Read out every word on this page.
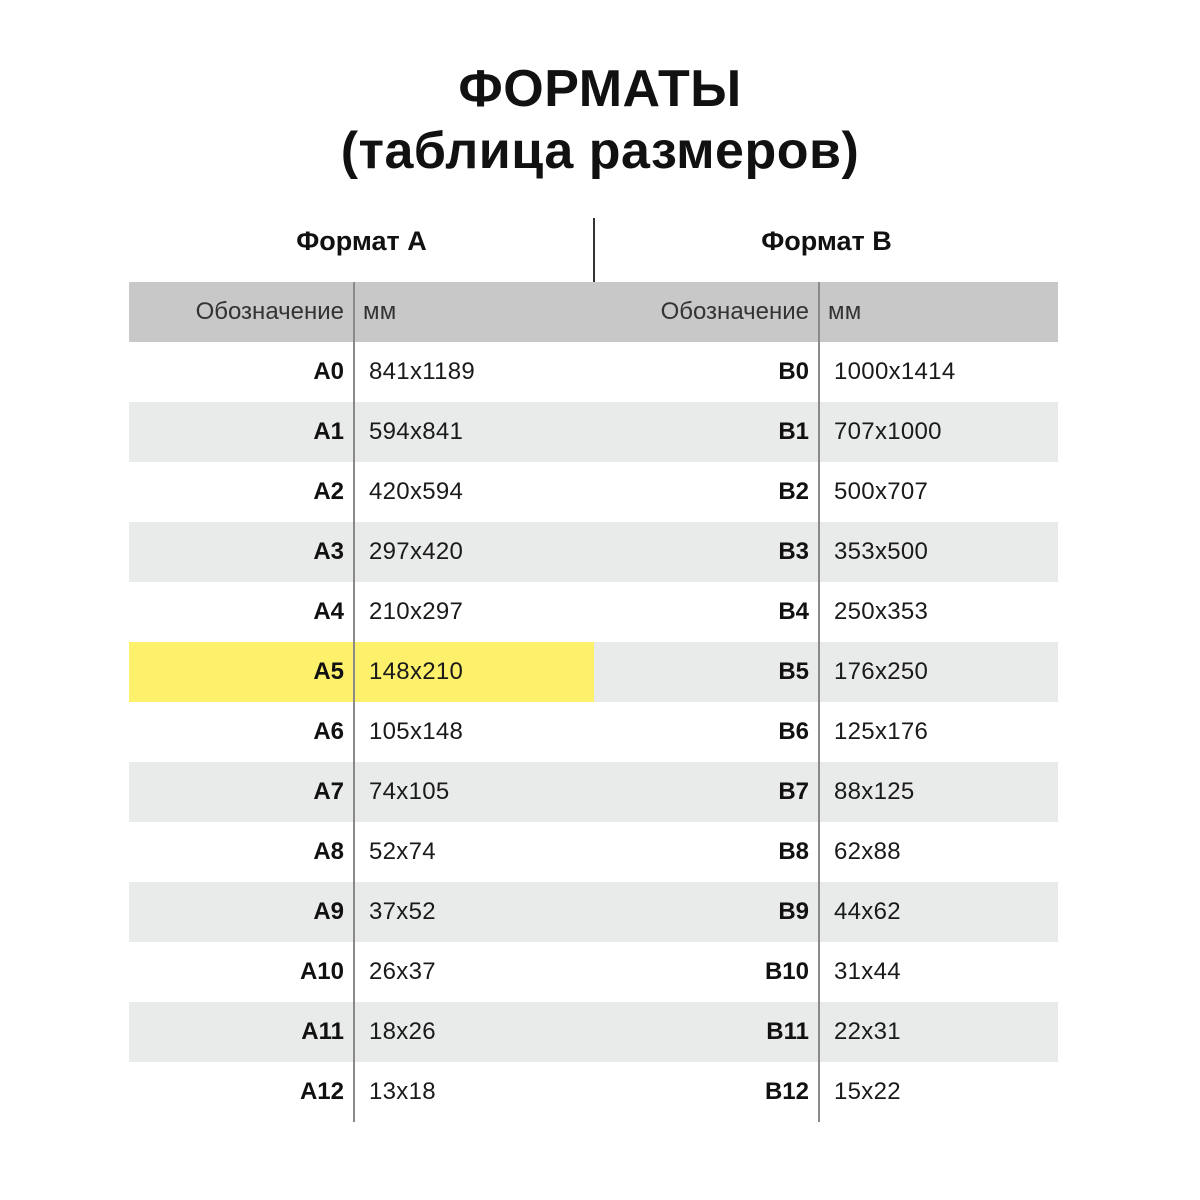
ФОРМАТЫ
(таблица размеров)
Формат А
Обозначение мм
А0	841х1189
А1	594х841
А2	420х594
А3	297х420
А4	210х297
А5	148х210
А6	105х148
А7	74х105
А8	52х74
А9	37х52
А10	26х37
А11	18х26
А12	13х18
Формат В
Обозначение мм
В0	1000х1414
В1	707х1000
В2	500х707
В3	353х500
В4	250х353
В5	176х250
В6	125х176
В7	88х125
В8	62х88
В9	44х62
В10	31х44
В11	22х31
В12	15х22
